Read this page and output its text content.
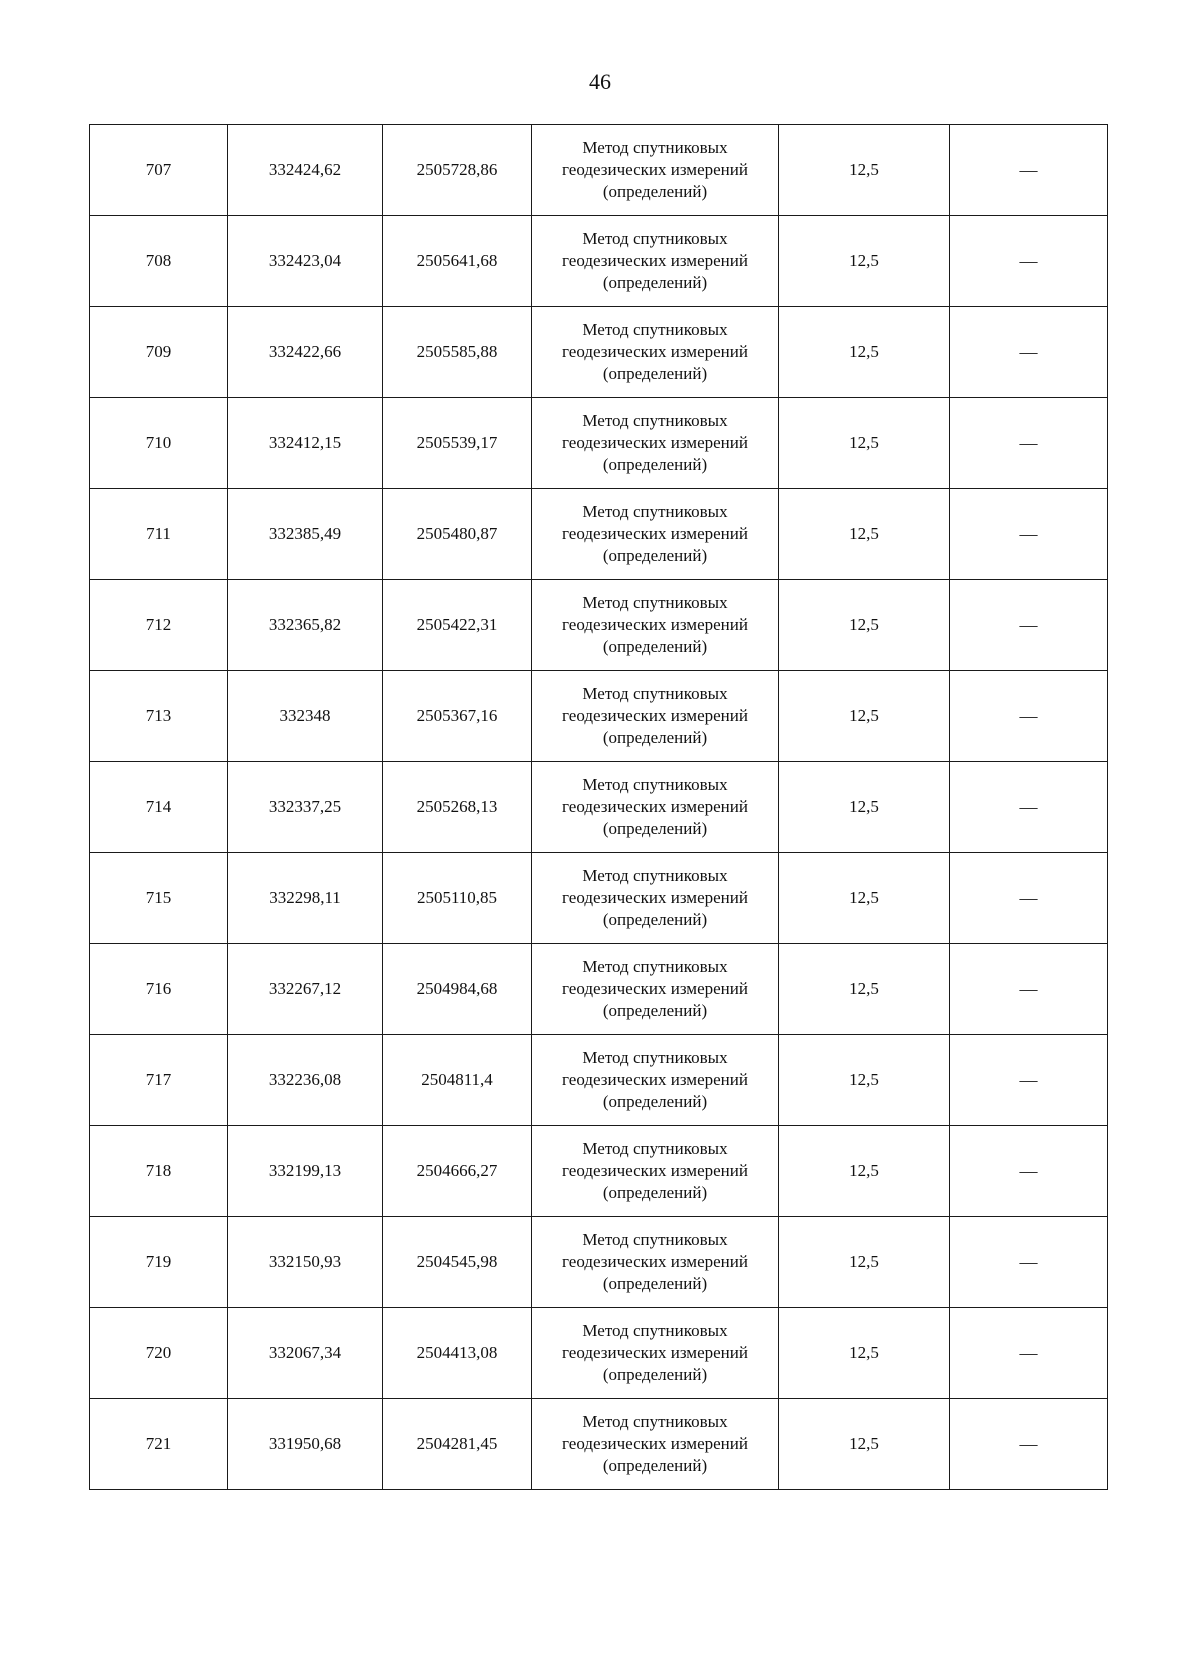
46
707	332424,62	2505728,86	Метод спутниковых
геодезических измерений
(определений)	12,5	—
708	332423,04	2505641,68	Метод спутниковых
геодезических измерений
(определений)	12,5	—
709	332422,66	2505585,88	Метод спутниковых
геодезических измерений
(определений)	12,5	—
710	332412,15	2505539,17	Метод спутниковых
геодезических измерений
(определений)	12,5	—
711	332385,49	2505480,87	Метод спутниковых
геодезических измерений
(определений)	12,5	—
712	332365,82	2505422,31	Метод спутниковых
геодезических измерений
(определений)	12,5	—
713	332348	2505367,16	Метод спутниковых
геодезических измерений
(определений)	12,5	—
714	332337,25	2505268,13	Метод спутниковых
геодезических измерений
(определений)	12,5	—
715	332298,11	2505110,85	Метод спутниковых
геодезических измерений
(определений)	12,5	—
716	332267,12	2504984,68	Метод спутниковых
геодезических измерений
(определений)	12,5	—
717	332236,08	2504811,4	Метод спутниковых
геодезических измерений
(определений)	12,5	—
718	332199,13	2504666,27	Метод спутниковых
геодезических измерений
(определений)	12,5	—
719	332150,93	2504545,98	Метод спутниковых
геодезических измерений
(определений)	12,5	—
720	332067,34	2504413,08	Метод спутниковых
геодезических измерений
(определений)	12,5	—
721	331950,68	2504281,45	Метод спутниковых
геодезических измерений
(определений)	12,5	—
